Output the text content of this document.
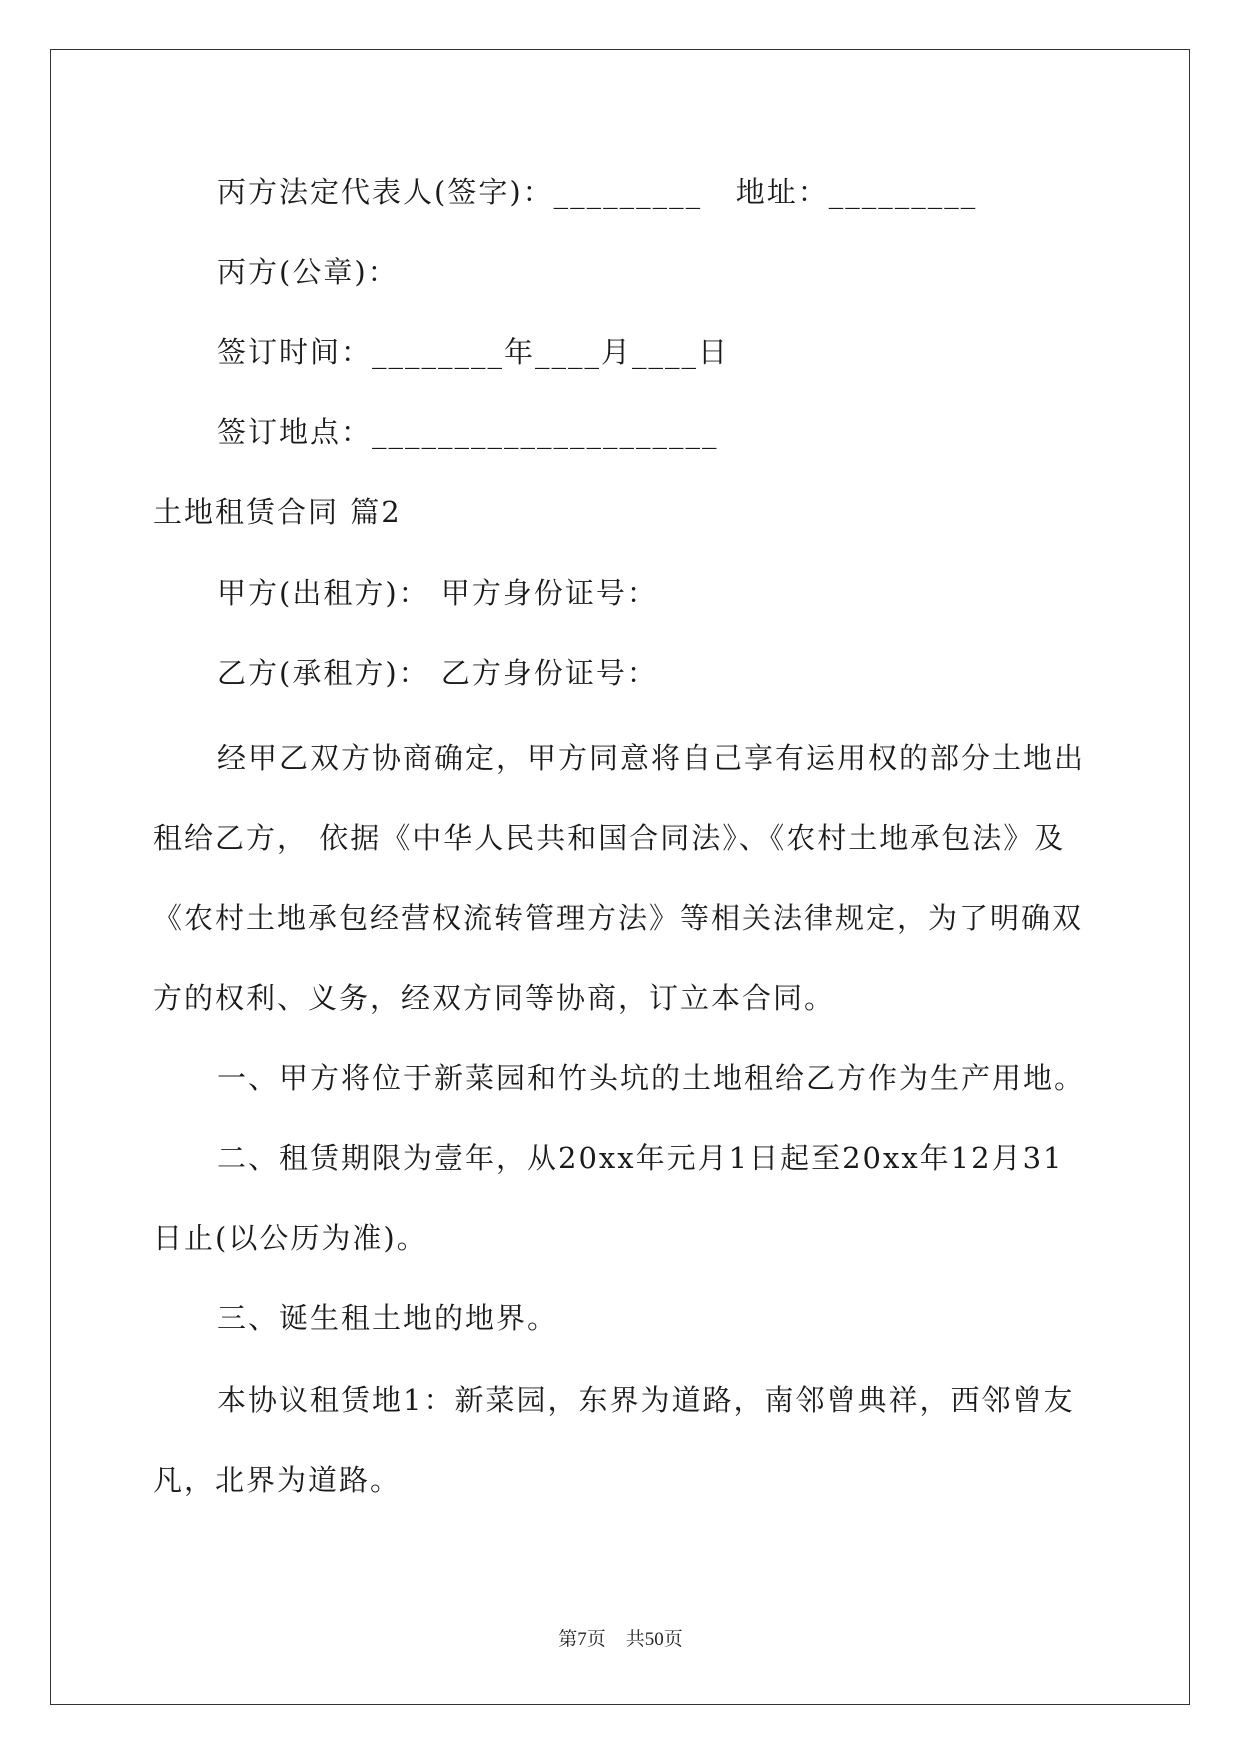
丙方法定代表人(签字)：_________   地址：_________
丙方(公章)：
签订时间：________年____月____日
签订地点：_____________________
土地租赁合同 篇2
甲方(出租方)： 甲方身份证号：
乙方(承租方)： 乙方身份证号：
经甲乙双方协商确定，甲方同意将自己享有运用权的部分土地出
租给乙方， 依据《中华人民共和国合同法》、《农村土地承包法》及
《农村土地承包经营权流转管理方法》等相关法律规定，为了明确双
方的权利、义务，经双方同等协商，订立本合同。
一、甲方将位于新菜园和竹头坑的土地租给乙方作为生产用地。
二、租赁期限为壹年，从20xx年元月1日起至20xx年12月31
日止(以公历为准)。
三、诞生租土地的地界。
本协议租赁地1：新菜园，东界为道路，南邻曾典祥，西邻曾友
凡，北界为道路。
第7页 共50页
